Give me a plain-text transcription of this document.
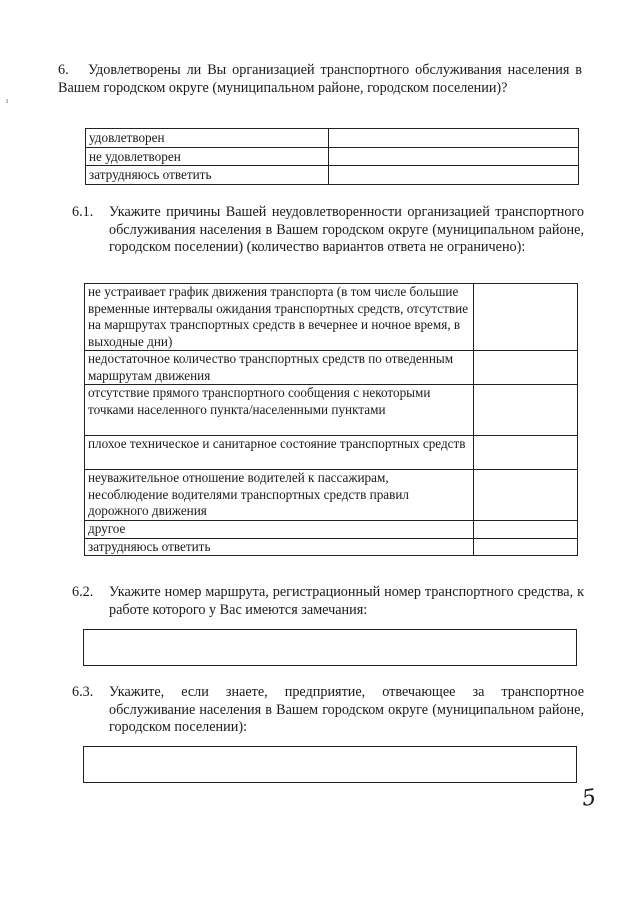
ı
6. Удовлетворены ли Вы организацией транспортного обслуживания населения в Вашем городском округе (муниципальном районе, городском поселении)?
удовлетворен	
не удовлетворен	
затрудняюсь ответить	
6.1. Укажите причины Вашей неудовлетворенности организацией транспортного обслуживания населения в Вашем городском округе (муниципальном районе, городском поселении) (количество вариантов ответа не ограничено):
не устраивает график движения транспорта (в том числе большие временные интервалы ожидания транспортных средств, отсутствие на маршрутах транспортных средств в вечернее и ночное время, в выходные дни)	
недостаточное количество транспортных средств по отведенным маршрутам движения	
отсутствие прямого транспортного сообщения с некоторыми точками населенного пункта/населенными пунктами	
плохое техническое и санитарное состояние транспортных средств	
неуважительное отношение водителей к пассажирам, несоблюдение водителями транспортных средств правил дорожного движения	
другое	
затрудняюсь ответить	
6.2. Укажите номер маршрута, регистрационный номер транспортного средства, к работе которого у Вас имеются замечания:
6.3. Укажите, если знаете, предприятие, отвечающее за транспортное обслуживание населения в Вашем городском округе (муниципальном районе, городском поселении):
5
